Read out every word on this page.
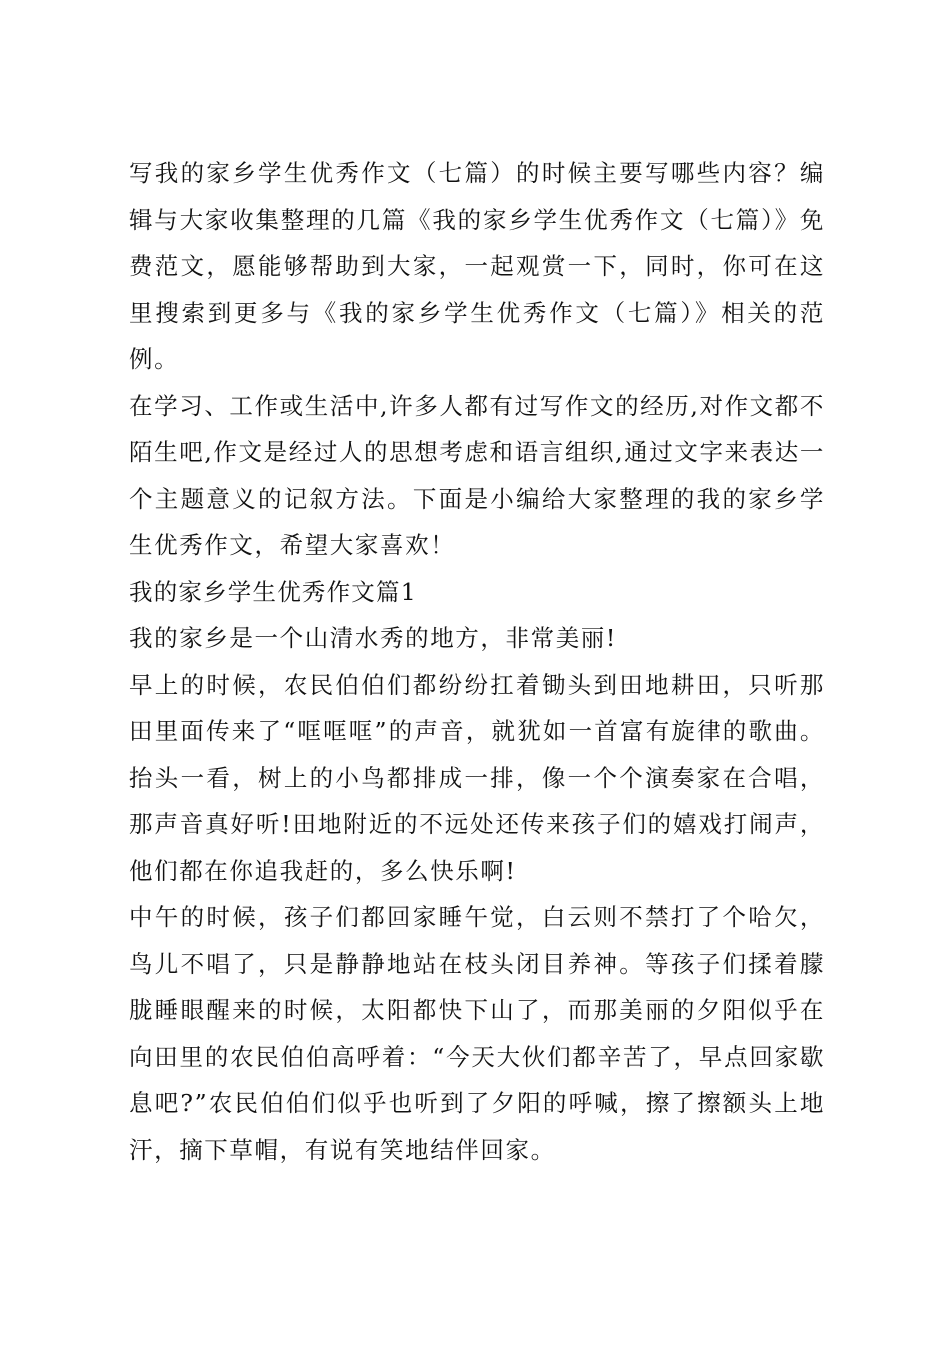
写我的家乡学生优秀作文（七篇）的时候主要写哪些内容？编辑与大家收集整理的几篇《我的家乡学生优秀作文（七篇）》免费范文，愿能够帮助到大家，一起观赏一下，同时，你可在这里搜索到更多与《我的家乡学生优秀作文（七篇）》相关的范例。

在学习、工作或生活中,许多人都有过写作文的经历,对作文都不陌生吧,作文是经过人的思想考虑和语言组织,通过文字来表达一个主题意义的记叙方法。下面是小编给大家整理的我的家乡学生优秀作文，希望大家喜欢！

我的家乡学生优秀作文篇1

我的家乡是一个山清水秀的地方，非常美丽!

早上的时候，农民伯伯们都纷纷扛着锄头到田地耕田，只听那田里面传来了“哐哐哐”的声音，就犹如一首富有旋律的歌曲。抬头一看，树上的小鸟都排成一排，像一个个演奏家在合唱，那声音真好听!田地附近的不远处还传来孩子们的嬉戏打闹声，他们都在你追我赶的，多么快乐啊!

中午的时候，孩子们都回家睡午觉，白云则不禁打了个哈欠，鸟儿不唱了，只是静静地站在枝头闭目养神。等孩子们揉着朦胧睡眼醒来的时候，太阳都快下山了，而那美丽的夕阳似乎在向田里的农民伯伯高呼着：“今天大伙们都辛苦了，早点回家歇息吧?”农民伯伯们似乎也听到了夕阳的呼喊，擦了擦额头上地汗，摘下草帽，有说有笑地结伴回家。
